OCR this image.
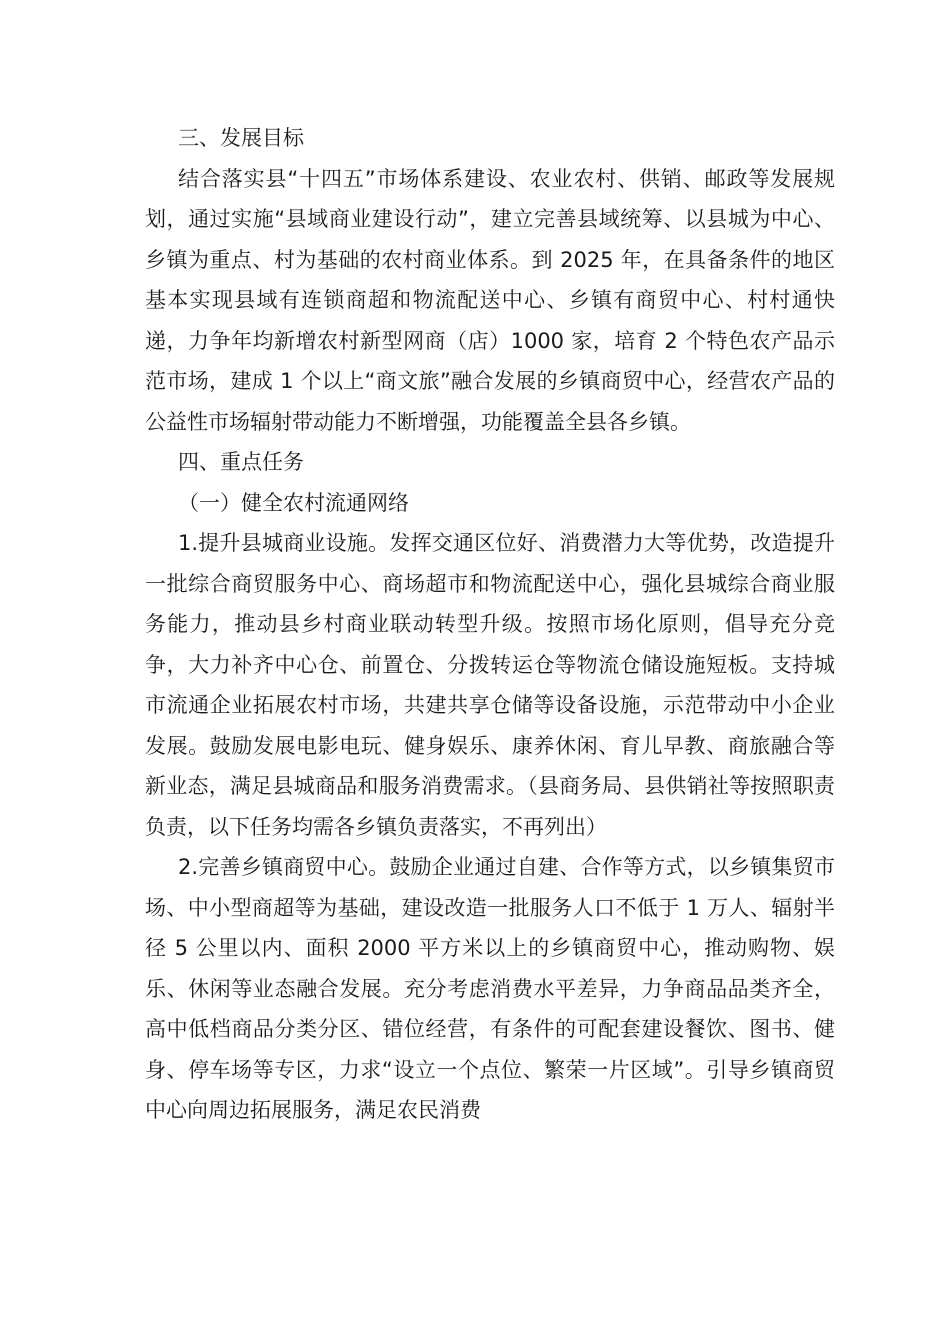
三、发展目标

结合落实县“十四五”市场体系建设、农业农村、供销、邮政等发展规划，通过实施“县域商业建设行动”，建立完善县域统筹、以县城为中心、乡镇为重点、村为基础的农村商业体系。到 2025 年，在具备条件的地区基本实现县域有连锁商超和物流配送中心、乡镇有商贸中心、村村通快递，力争年均新增农村新型网商（店）1000 家，培育 2 个特色农产品示范市场，建成 1 个以上“商文旅”融合发展的乡镇商贸中心，经营农产品的公益性市场辐射带动能力不断增强，功能覆盖全县各乡镇。

四、重点任务

（一）健全农村流通网络

1.提升县城商业设施。发挥交通区位好、消费潜力大等优势，改造提升一批综合商贸服务中心、商场超市和物流配送中心，强化县城综合商业服务能力，推动县乡村商业联动转型升级。按照市场化原则，倡导充分竞争，大力补齐中心仓、前置仓、分拨转运仓等物流仓储设施短板。支持城市流通企业拓展农村市场，共建共享仓储等设备设施，示范带动中小企业发展。鼓励发展电影电玩、健身娱乐、康养休闲、育儿早教、商旅融合等新业态，满足县城商品和服务消费需求。（县商务局、县供销社等按照职责负责，以下任务均需各乡镇负责落实，不再列出）

2.完善乡镇商贸中心。鼓励企业通过自建、合作等方式，以乡镇集贸市场、中小型商超等为基础，建设改造一批服务人口不低于 1 万人、辐射半径 5 公里以内、面积 2000 平方米以上的乡镇商贸中心，推动购物、娱乐、休闲等业态融合发展。充分考虑消费水平差异，力争商品品类齐全，高中低档商品分类分区、错位经营，有条件的可配套建设餐饮、图书、健身、停车场等专区，力求“设立一个点位、繁荣一片区域”。引导乡镇商贸中心向周边拓展服务，满足农民消费
